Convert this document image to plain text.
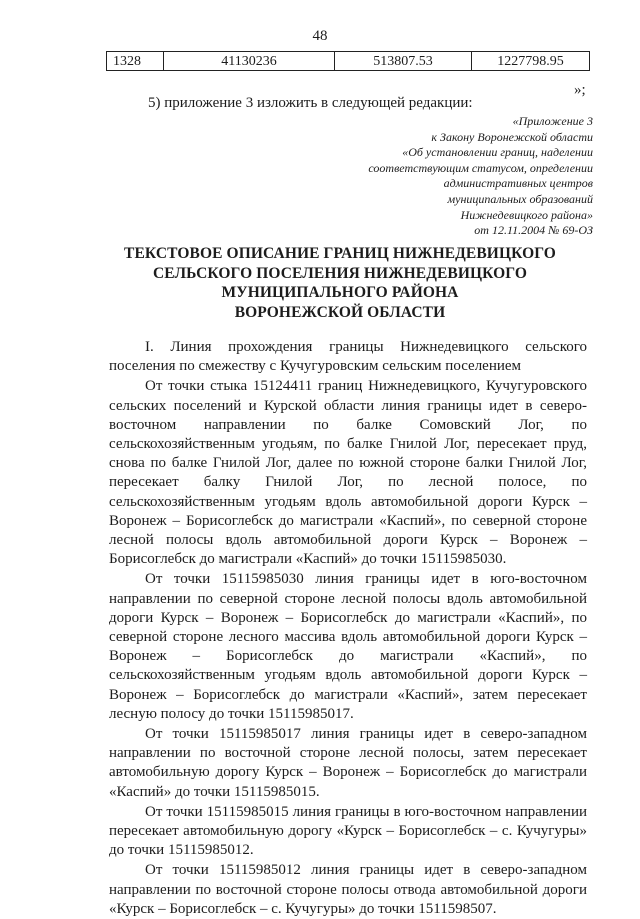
48
1328	41130236	513807.53	1227798.95
»;
5) приложение 3 изложить в следующей редакции:
«Приложение 3
к Закону Воронежской области
«Об установлении границ, наделении
соответствующим статусом, определении
административных центров
муниципальных образований
Нижнедевицкого района»
от 12.11.2004 № 69-ОЗ
ТЕКСТОВОЕ ОПИСАНИЕ ГРАНИЦ НИЖНЕДЕВИЦКОГО
СЕЛЬСКОГО ПОСЕЛЕНИЯ НИЖНЕДЕВИЦКОГО
МУНИЦИПАЛЬНОГО РАЙОНА
ВОРОНЕЖСКОЙ ОБЛАСТИ

I. Линия прохождения границы Нижнедевицкого сельского поселения по смежеству с Кучугуровским сельским поселением

От точки стыка 15124411 границ Нижнедевицкого, Кучугуровского сельских поселений и Курской области линия границы идет в северо-восточном направлении по балке Сомовский Лог, по сельскохозяйственным угодьям, по балке Гнилой Лог, пересекает пруд, снова по балке Гнилой Лог, далее по южной стороне балки Гнилой Лог, пересекает балку Гнилой Лог, по лесной полосе, по сельскохозяйственным угодьям вдоль автомобильной дороги Курск – Воронеж – Борисоглебск до магистрали «Каспий», по северной стороне лесной полосы вдоль автомобильной дороги Курск – Воронеж – Борисоглебск до магистрали «Каспий» до точки 15115985030.

От точки 15115985030 линия границы идет в юго-восточном направлении по северной стороне лесной полосы вдоль автомобильной дороги Курск – Воронеж – Борисоглебск до магистрали «Каспий», по северной стороне лесного массива вдоль автомобильной дороги Курск – Воронеж – Борисоглебск до магистрали «Каспий», по сельскохозяйственным угодьям вдоль автомобильной дороги Курск – Воронеж – Борисоглебск до магистрали «Каспий», затем пересекает лесную полосу до точки 15115985017.

От точки 15115985017 линия границы идет в северо-западном направлении по восточной стороне лесной полосы, затем пересекает автомобильную дорогу Курск – Воронеж – Борисоглебск до магистрали «Каспий» до точки 15115985015.

От точки 15115985015 линия границы в юго-восточном направлении пересекает автомобильную дорогу «Курск – Борисоглебск – с. Кучугуры» до точки 15115985012.

От точки 15115985012 линия границы идет в северо-западном направлении по восточной стороне полосы отвода автомобильной дороги «Курск – Борисоглебск – с. Кучугуры» до точки 1511598507.
